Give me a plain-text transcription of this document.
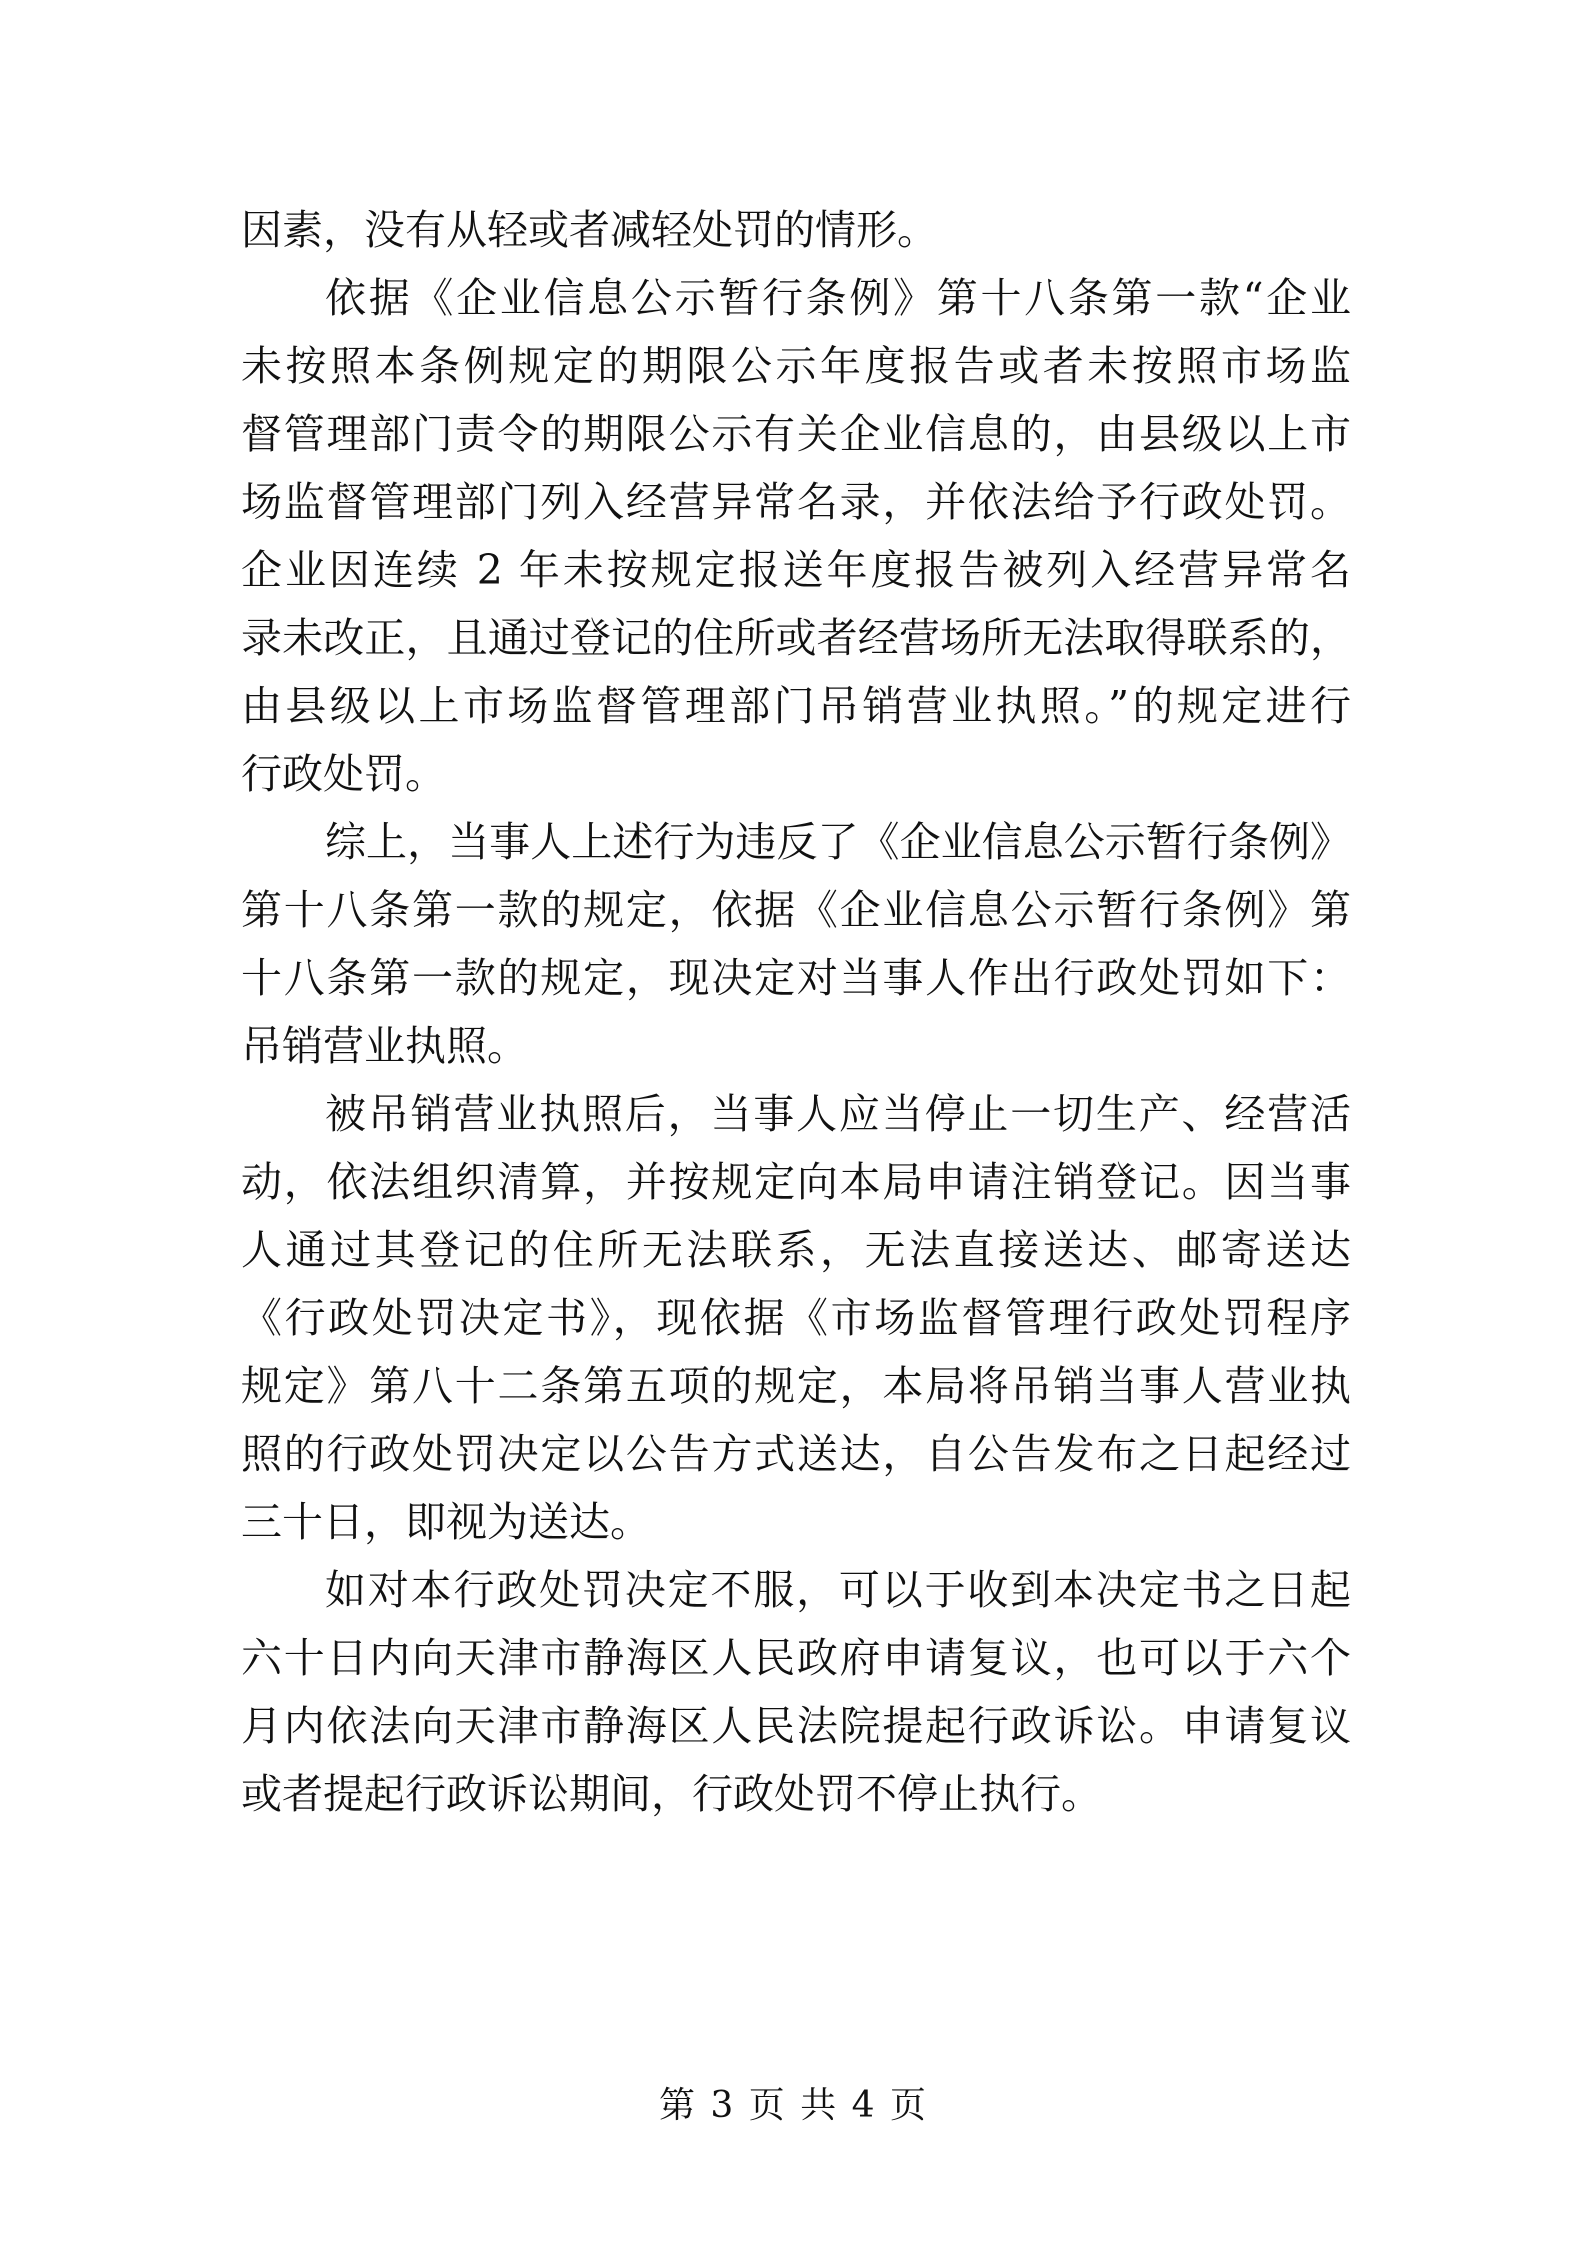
因素，没有从轻或者减轻处罚的情形。
依据《企业信息公示暂行条例》第十八条第一款“企业
未按照本条例规定的期限公示年度报告或者未按照市场监
督管理部门责令的期限公示有关企业信息的，由县级以上市
场监督管理部门列入经营异常名录，并依法给予行政处罚。
企业因连续 2 年未按规定报送年度报告被列入经营异常名
录未改正，且通过登记的住所或者经营场所无法取得联系的，
由县级以上市场监督管理部门吊销营业执照。”的规定进行
行政处罚。
综上，当事人上述行为违反了《企业信息公示暂行条例》
第十八条第一款的规定，依据《企业信息公示暂行条例》第
十八条第一款的规定，现决定对当事人作出行政处罚如下：
吊销营业执照。
被吊销营业执照后，当事人应当停止一切生产、经营活
动，依法组织清算，并按规定向本局申请注销登记。因当事
人通过其登记的住所无法联系，无法直接送达、邮寄送达
《行政处罚决定书》，现依据《市场监督管理行政处罚程序
规定》第八十二条第五项的规定，本局将吊销当事人营业执
照的行政处罚决定以公告方式送达，自公告发布之日起经过
三十日，即视为送达。
如对本行政处罚决定不服，可以于收到本决定书之日起
六十日内向天津市静海区人民政府申请复议，也可以于六个
月内依法向天津市静海区人民法院提起行政诉讼。申请复议
或者提起行政诉讼期间，行政处罚不停止执行。
第 3 页 共 4 页
